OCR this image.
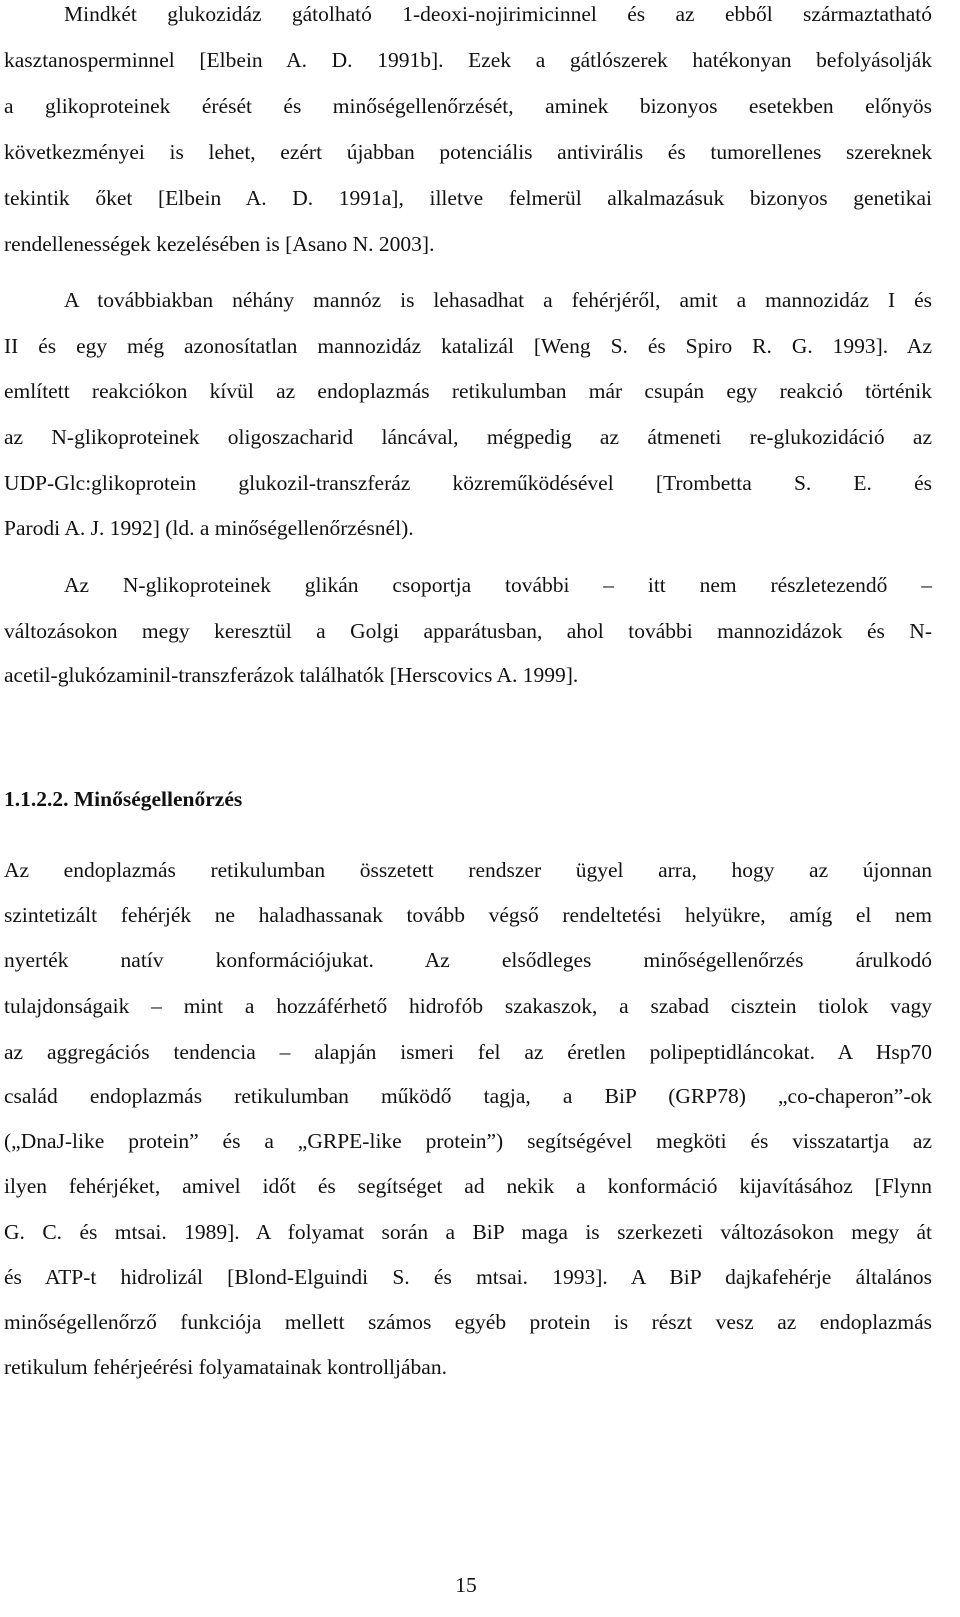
Mindkét glukozidáz gátolható 1-deoxi-nojirimicinnel és az ebből származtatható
kasztanosperminnel [Elbein A. D. 1991b]. Ezek a gátlószerek hatékonyan befolyásolják
a glikoproteinek érését és minőségellenőrzését, aminek bizonyos esetekben előnyös
következményei is lehet, ezért újabban potenciális antivirális és tumorellenes szereknek
tekintik őket [Elbein A. D. 1991a], illetve felmerül alkalmazásuk bizonyos genetikai
rendellenességek kezelésében is [Asano N. 2003].
A továbbiakban néhány mannóz is lehasadhat a fehérjéről, amit a mannozidáz I és
II és egy még azonosítatlan mannozidáz katalizál [Weng S. és Spiro R. G. 1993]. Az
említett reakciókon kívül az endoplazmás retikulumban már csupán egy reakció történik
az N-glikoproteinek oligoszacharid láncával, mégpedig az átmeneti re-glukozidáció az
UDP-Glc:glikoprotein glukozil-transzferáz közreműködésével [Trombetta S. E. és
Parodi A. J. 1992] (ld. a minőségellenőrzésnél).
Az N-glikoproteinek glikán csoportja további – itt nem részletezendő –
változásokon megy keresztül a Golgi apparátusban, ahol további mannozidázok és N-
acetil-glukózaminil-transzferázok találhatók [Herscovics A. 1999].
1.1.2.2. Minőségellenőrzés
Az endoplazmás retikulumban összetett rendszer ügyel arra, hogy az újonnan
szintetizált fehérjék ne haladhassanak tovább végső rendeltetési helyükre, amíg el nem
nyerték natív konformációjukat. Az elsődleges minőségellenőrzés árulkodó
tulajdonságaik – mint a hozzáférhető hidrofób szakaszok, a szabad cisztein tiolok vagy
az aggregációs tendencia – alapján ismeri fel az éretlen polipeptidláncokat. A Hsp70
család endoplazmás retikulumban működő tagja, a BiP (GRP78) „co-chaperon”-ok
(„DnaJ-like protein” és a „GRPE-like protein”) segítségével megköti és visszatartja az
ilyen fehérjéket, amivel időt és segítséget ad nekik a konformáció kijavításához [Flynn
G. C. és mtsai. 1989]. A folyamat során a BiP maga is szerkezeti változásokon megy át
és ATP-t hidrolizál [Blond-Elguindi S. és mtsai. 1993]. A BiP dajkafehérje általános
minőségellenőrző funkciója mellett számos egyéb protein is részt vesz az endoplazmás
retikulum fehérjeérési folyamatainak kontrolljában.
15
